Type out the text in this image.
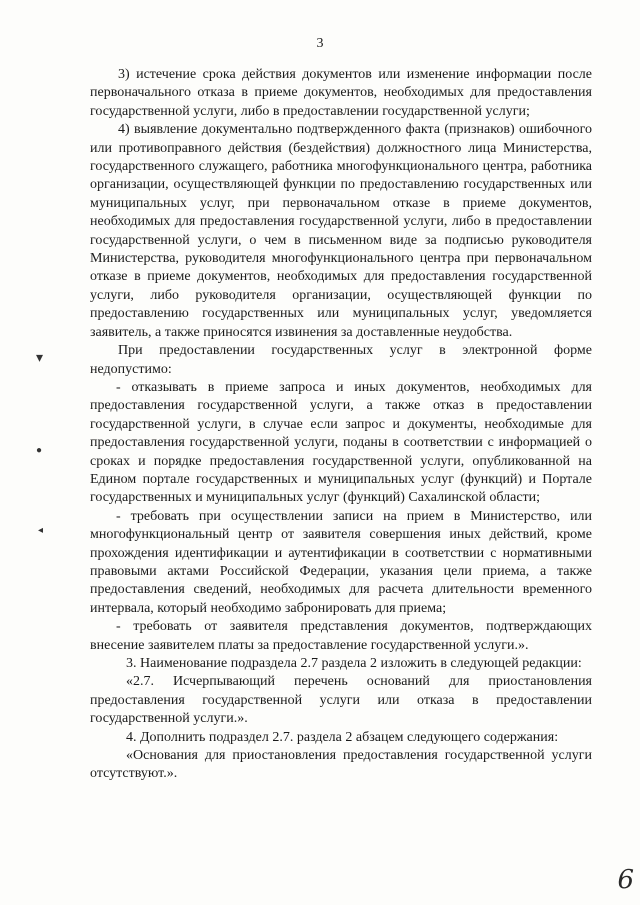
3

3) истечение срока действия документов или изменение информации после первоначального отказа в приеме документов, необходимых для предоставления государственной услуги, либо в предоставлении государственной услуги;

4) выявление документально подтвержденного факта (признаков) ошибочного или противоправного действия (бездействия) должностного лица Министерства, государственного служащего, работника многофункционального центра, работника организации, осуществляющей функции по предоставлению государственных или муниципальных услуг, при первоначальном отказе в приеме документов, необходимых для предоставления государственной услуги, либо в предоставлении государственной услуги, о чем в письменном виде за подписью руководителя Министерства, руководителя многофункционального центра при первоначальном отказе в приеме документов, необходимых для предоставления государственной услуги, либо руководителя организации, осуществляющей функции по предоставлению государственных или муниципальных услуг, уведомляется заявитель, а также приносятся извинения за доставленные неудобства.

При предоставлении государственных услуг в электронной форме недопустимо:

- отказывать в приеме запроса и иных документов, необходимых для предоставления государственной услуги, а также отказ в предоставлении государственной услуги, в случае если запрос и документы, необходимые для предоставления государственной услуги, поданы в соответствии с информацией о сроках и порядке предоставления государственной услуги, опубликованной на Едином портале государственных и муниципальных услуг (функций) и Портале государственных и муниципальных услуг (функций) Сахалинской области;

- требовать при осуществлении записи на прием в Министерство, или многофункциональный центр от заявителя совершения иных действий, кроме прохождения идентификации и аутентификации в соответствии с нормативными правовыми актами Российской Федерации, указания цели приема, а также предоставления сведений, необходимых для расчета длительности временного интервала, который необходимо забронировать для приема;

- требовать от заявителя представления документов, подтверждающих внесение заявителем платы за предоставление государственной услуги.».

3. Наименование подраздела 2.7 раздела 2 изложить в следующей редакции:

«2.7. Исчерпывающий перечень оснований для приостановления предоставления государственной услуги или отказа в предоставлении государственной услуги.».

4. Дополнить подраздел 2.7. раздела 2 абзацем следующего содержания:

«Основания для приостановления предоставления государственной услуги отсутствуют.».

▾
●
◂
6
